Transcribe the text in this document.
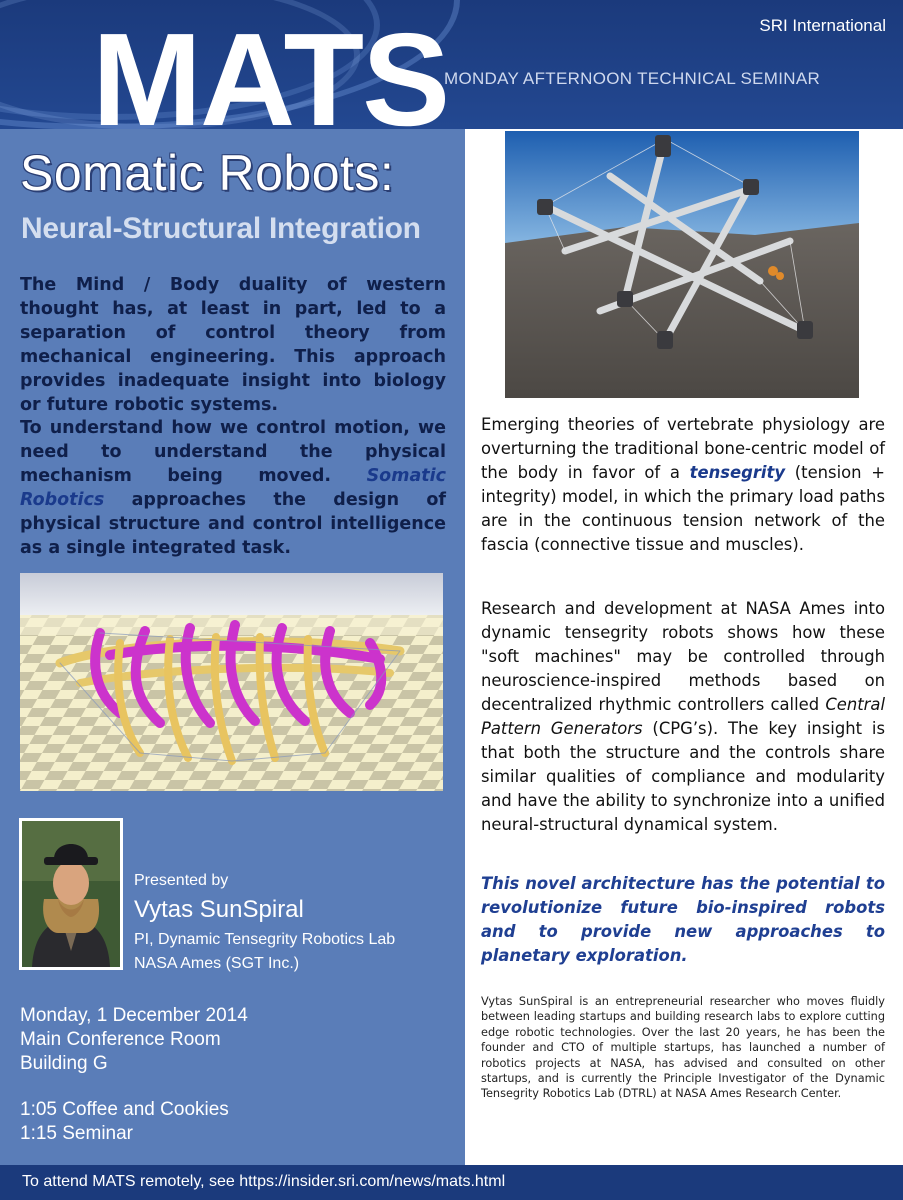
SRI International
MATS
MONDAY AFTERNOON TECHNICAL SEMINAR
Somatic Robots:
Neural-Structural Integration

The Mind / Body duality of western thought has, at least in part, led to a separation of control theory from mechanical engineering. This approach provides inadequate insight into biology or future robotic systems.

To understand how we control motion, we need to understand the physical mechanism being moved. Somatic Robotics approaches the design of physical structure and control intelligence as a single integrated task.

Presented by
Vytas SunSpiral
PI, Dynamic Tensegrity Robotics Lab
NASA Ames (SGT Inc.)
Monday, 1 December 2014
Main Conference Room
Building G
1:05 Coffee and Cookies
1:15 Seminar

Emerging theories of vertebrate physiology are overturning the traditional bone-centric model of the body in favor of a tensegrity (tension + integrity) model, in which the primary load paths are in the continuous tension network of the fascia (connective tissue and muscles).

Research and development at NASA Ames into dynamic tensegrity robots shows how these "soft machines" may be controlled through neuroscience-inspired methods based on decentralized rhythmic controllers called Central Pattern Generators (CPG’s). The key insight is that both the structure and the controls share similar qualities of compliance and modularity and have the ability to synchronize into a unified neural-structural dynamical system.

This novel architecture has the potential to revolutionize future bio-inspired robots and to provide new approaches to planetary exploration.

Vytas SunSpiral is an entrepreneurial researcher who moves fluidly between leading startups and building research labs to explore cutting edge robotic technologies. Over the last 20 years, he has been the founder and CTO of multiple startups, has launched a number of robotics projects at NASA, has advised and consulted on other startups, and is currently the Principle Investigator of the Dynamic Tensegrity Robotics Lab (DTRL) at NASA Ames Research Center.

To attend MATS remotely, see https://insider.sri.com/news/mats.html
